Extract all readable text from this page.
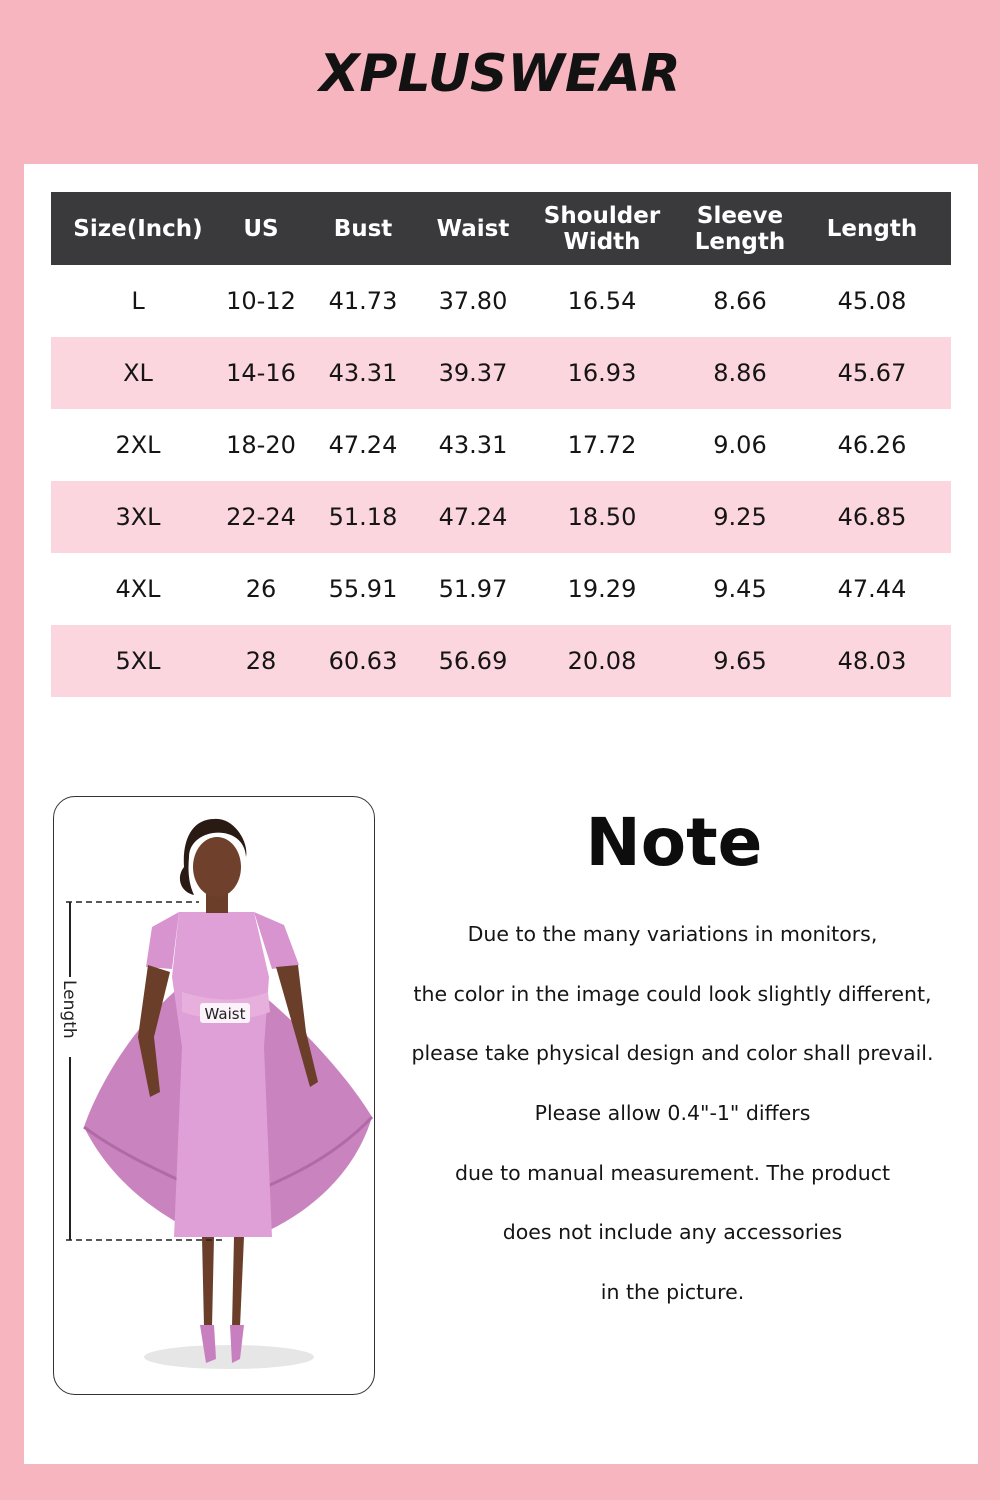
XPLUSWEAR
Size(Inch)	US	Bust	Waist	Shoulder Width	Sleeve Length	Length
L	10-12	41.73	37.80	16.54	8.66	45.08
XL	14-16	43.31	39.37	16.93	8.86	45.67
2XL	18-20	47.24	43.31	17.72	9.06	46.26
3XL	22-24	51.18	47.24	18.50	9.25	46.85
4XL	26	55.91	51.97	19.29	9.45	47.44
5XL	28	60.63	56.69	20.08	9.65	48.03
Length	Waist
Note
Due to the many variations in monitors,
the color in the image could look slightly different,
please take physical design and color shall prevail.
Please allow 0.4"-1" differs
due to manual measurement. The product
does not include any accessories
in the picture.
